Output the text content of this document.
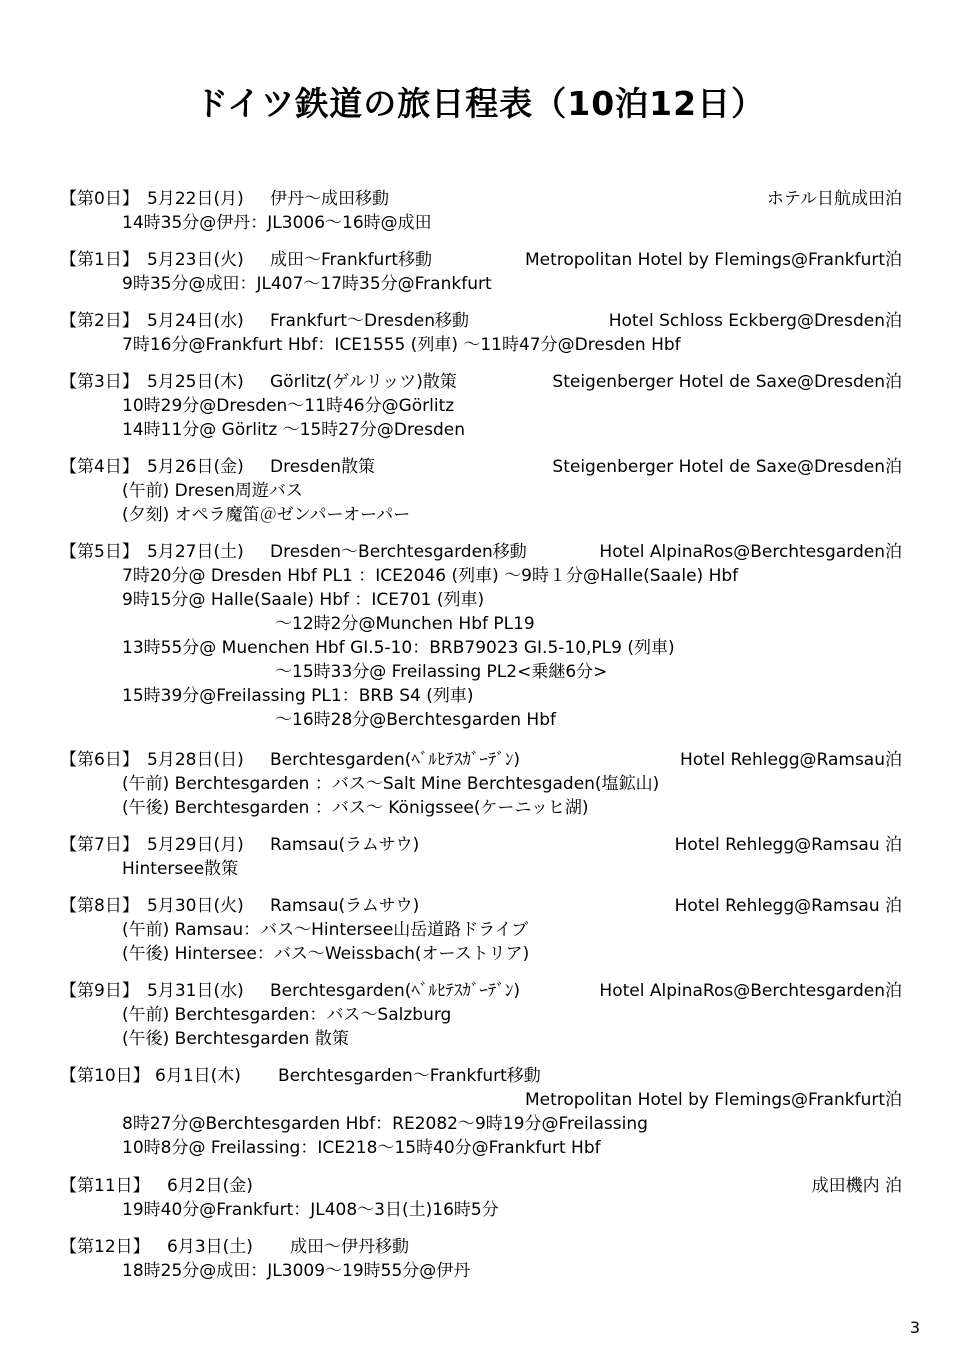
ドイツ鉄道の旅日程表（10泊12日）
【第0日】 5月22日(月)	伊丹～成田移動	ホテル日航成田泊
14時35分@伊丹：JL3006～16時@成田
【第1日】 5月23日(火)	成田～Frankfurt移動	Metropolitan Hotel by Flemings@Frankfurt泊
9時35分@成田：JL407～17時35分@Frankfurt
【第2日】 5月24日(水)	Frankfurt～Dresden移動	Hotel Schloss Eckberg@Dresden泊
7時16分@Frankfurt Hbf：ICE1555 (列車) ～11時47分@Dresden Hbf
【第3日】 5月25日(木)	Görlitz(ゲルリッツ)散策	Steigenberger Hotel de Saxe@Dresden泊
10時29分@Dresden～11時46分@Görlitz
14時11分@ Görlitz ～15時27分@Dresden
【第4日】 5月26日(金)	Dresden散策	Steigenberger Hotel de Saxe@Dresden泊
(午前) Dresen周遊バス
(夕刻) オペラ魔笛＠ゼンパーオーパー
【第5日】 5月27日(土)	Dresden～Berchtesgarden移動	Hotel AlpinaRos@Berchtesgarden泊
7時20分@ Dresden Hbf PL1 ：ICE2046 (列車) ～9時１分@Halle(Saale) Hbf
9時15分@ Halle(Saale) Hbf ：ICE701 (列車)
～12時2分@Munchen Hbf PL19
13時55分@ Muenchen Hbf GI.5-10：BRB79023 GI.5-10,PL9 (列車)
～15時33分@ Freilassing PL2<乗継6分>
15時39分@Freilassing PL1：BRB S4 (列車)
～16時28分@Berchtesgarden Hbf
【第6日】 5月28日(日)	Berchtesgarden(ﾍﾞﾙﾋﾃｽｶﾞｰﾃﾞﾝ)	Hotel Rehlegg@Ramsau泊
(午前) Berchtesgarden ：バス～Salt Mine Berchtesgaden(塩鉱山)
(午後) Berchtesgarden ：バス～ Königssee(ケーニッヒ湖)
【第7日】 5月29日(月)	Ramsau(ラムサウ)	Hotel Rehlegg@Ramsau 泊
Hintersee散策
【第8日】 5月30日(火)	Ramsau(ラムサウ)	Hotel Rehlegg@Ramsau 泊
(午前) Ramsau：バス～Hintersee山岳道路ドライブ
(午後) Hintersee：バス～Weissbach(オーストリア)
【第9日】 5月31日(水)	Berchtesgarden(ﾍﾞﾙﾋﾃｽｶﾞｰﾃﾞﾝ)	Hotel AlpinaRos@Berchtesgarden泊
(午前) Berchtesgarden：バス～Salzburg
(午後) Berchtesgarden 散策
【第10日】 6月1日(木)	Berchtesgarden～Frankfurt移動
Metropolitan Hotel by Flemings@Frankfurt泊
8時27分@Berchtesgarden Hbf：RE2082～9時19分@Freilassing
10時8分@ Freilassing：ICE218～15時40分@Frankfurt Hbf
【第11日】	6月2日(金)	成田機内 泊
19時40分@Frankfurt：JL408～3日(土)16時5分
【第12日】	6月3日(土)	成田～伊丹移動
18時25分@成田：JL3009～19時55分@伊丹
3
